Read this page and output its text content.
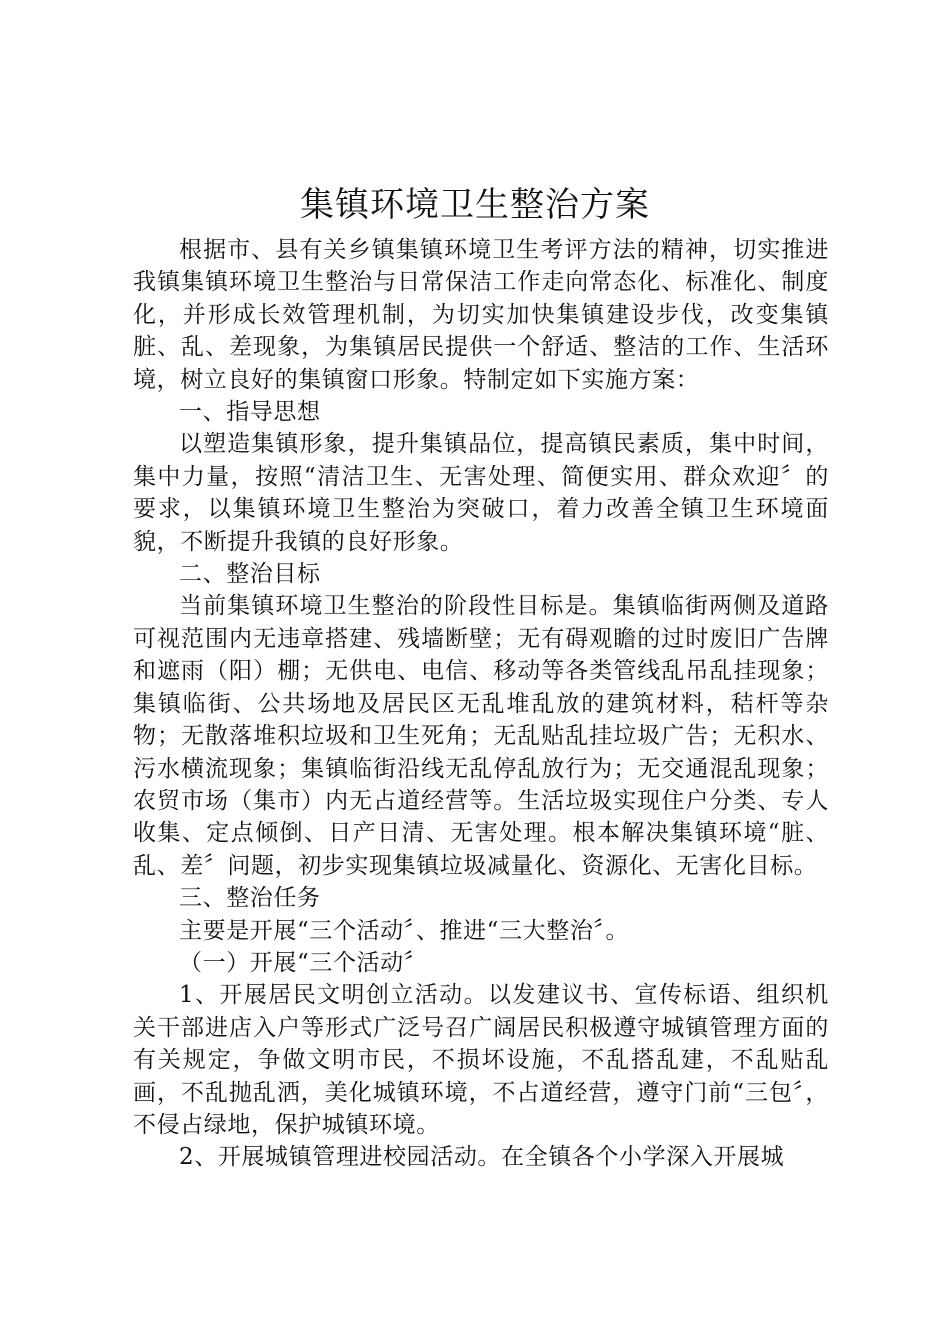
集镇环境卫生整治方案

根据市、县有关乡镇集镇环境卫生考评方法的精神，切实推进我镇集镇环境卫生整治与日常保洁工作走向常态化、标准化、制度化，并形成长效管理机制，为切实加快集镇建设步伐，改变集镇脏、乱、差现象，为集镇居民提供一个舒适、整洁的工作、生活环境，树立良好的集镇窗口形象。特制定如下实施方案：

一、指导思想

以塑造集镇形象，提升集镇品位，提高镇民素质，集中时间，集中力量，按照“清洁卫生、无害处理、简便实用、群众欢迎〞的要求，以集镇环境卫生整治为突破口，着力改善全镇卫生环境面貌，不断提升我镇的良好形象。

二、整治目标

当前集镇环境卫生整治的阶段性目标是。集镇临街两侧及道路可视范围内无违章搭建、残墙断壁；无有碍观瞻的过时废旧广告牌和遮雨（阳）棚；无供电、电信、移动等各类管线乱吊乱挂现象；集镇临街、公共场地及居民区无乱堆乱放的建筑材料，秸杆等杂物；无散落堆积垃圾和卫生死角；无乱贴乱挂垃圾广告；无积水、污水横流现象；集镇临街沿线无乱停乱放行为；无交通混乱现象；农贸市场（集市）内无占道经营等。生活垃圾实现住户分类、专人收集、定点倾倒、日产日清、无害处理。根本解决集镇环境“脏、乱、差〞问题，初步实现集镇垃圾减量化、资源化、无害化目标。

三、整治任务

主要是开展“三个活动〞、推进“三大整治〞。

（一）开展“三个活动〞

1、开展居民文明创立活动。以发建议书、宣传标语、组织机关干部进店入户等形式广泛号召广阔居民积极遵守城镇管理方面的有关规定，争做文明市民，不损坏设施，不乱搭乱建，不乱贴乱画，不乱抛乱洒，美化城镇环境，不占道经营，遵守门前“三包〞，不侵占绿地，保护城镇环境。

2、开展城镇管理进校园活动。在全镇各个小学深入开展城
